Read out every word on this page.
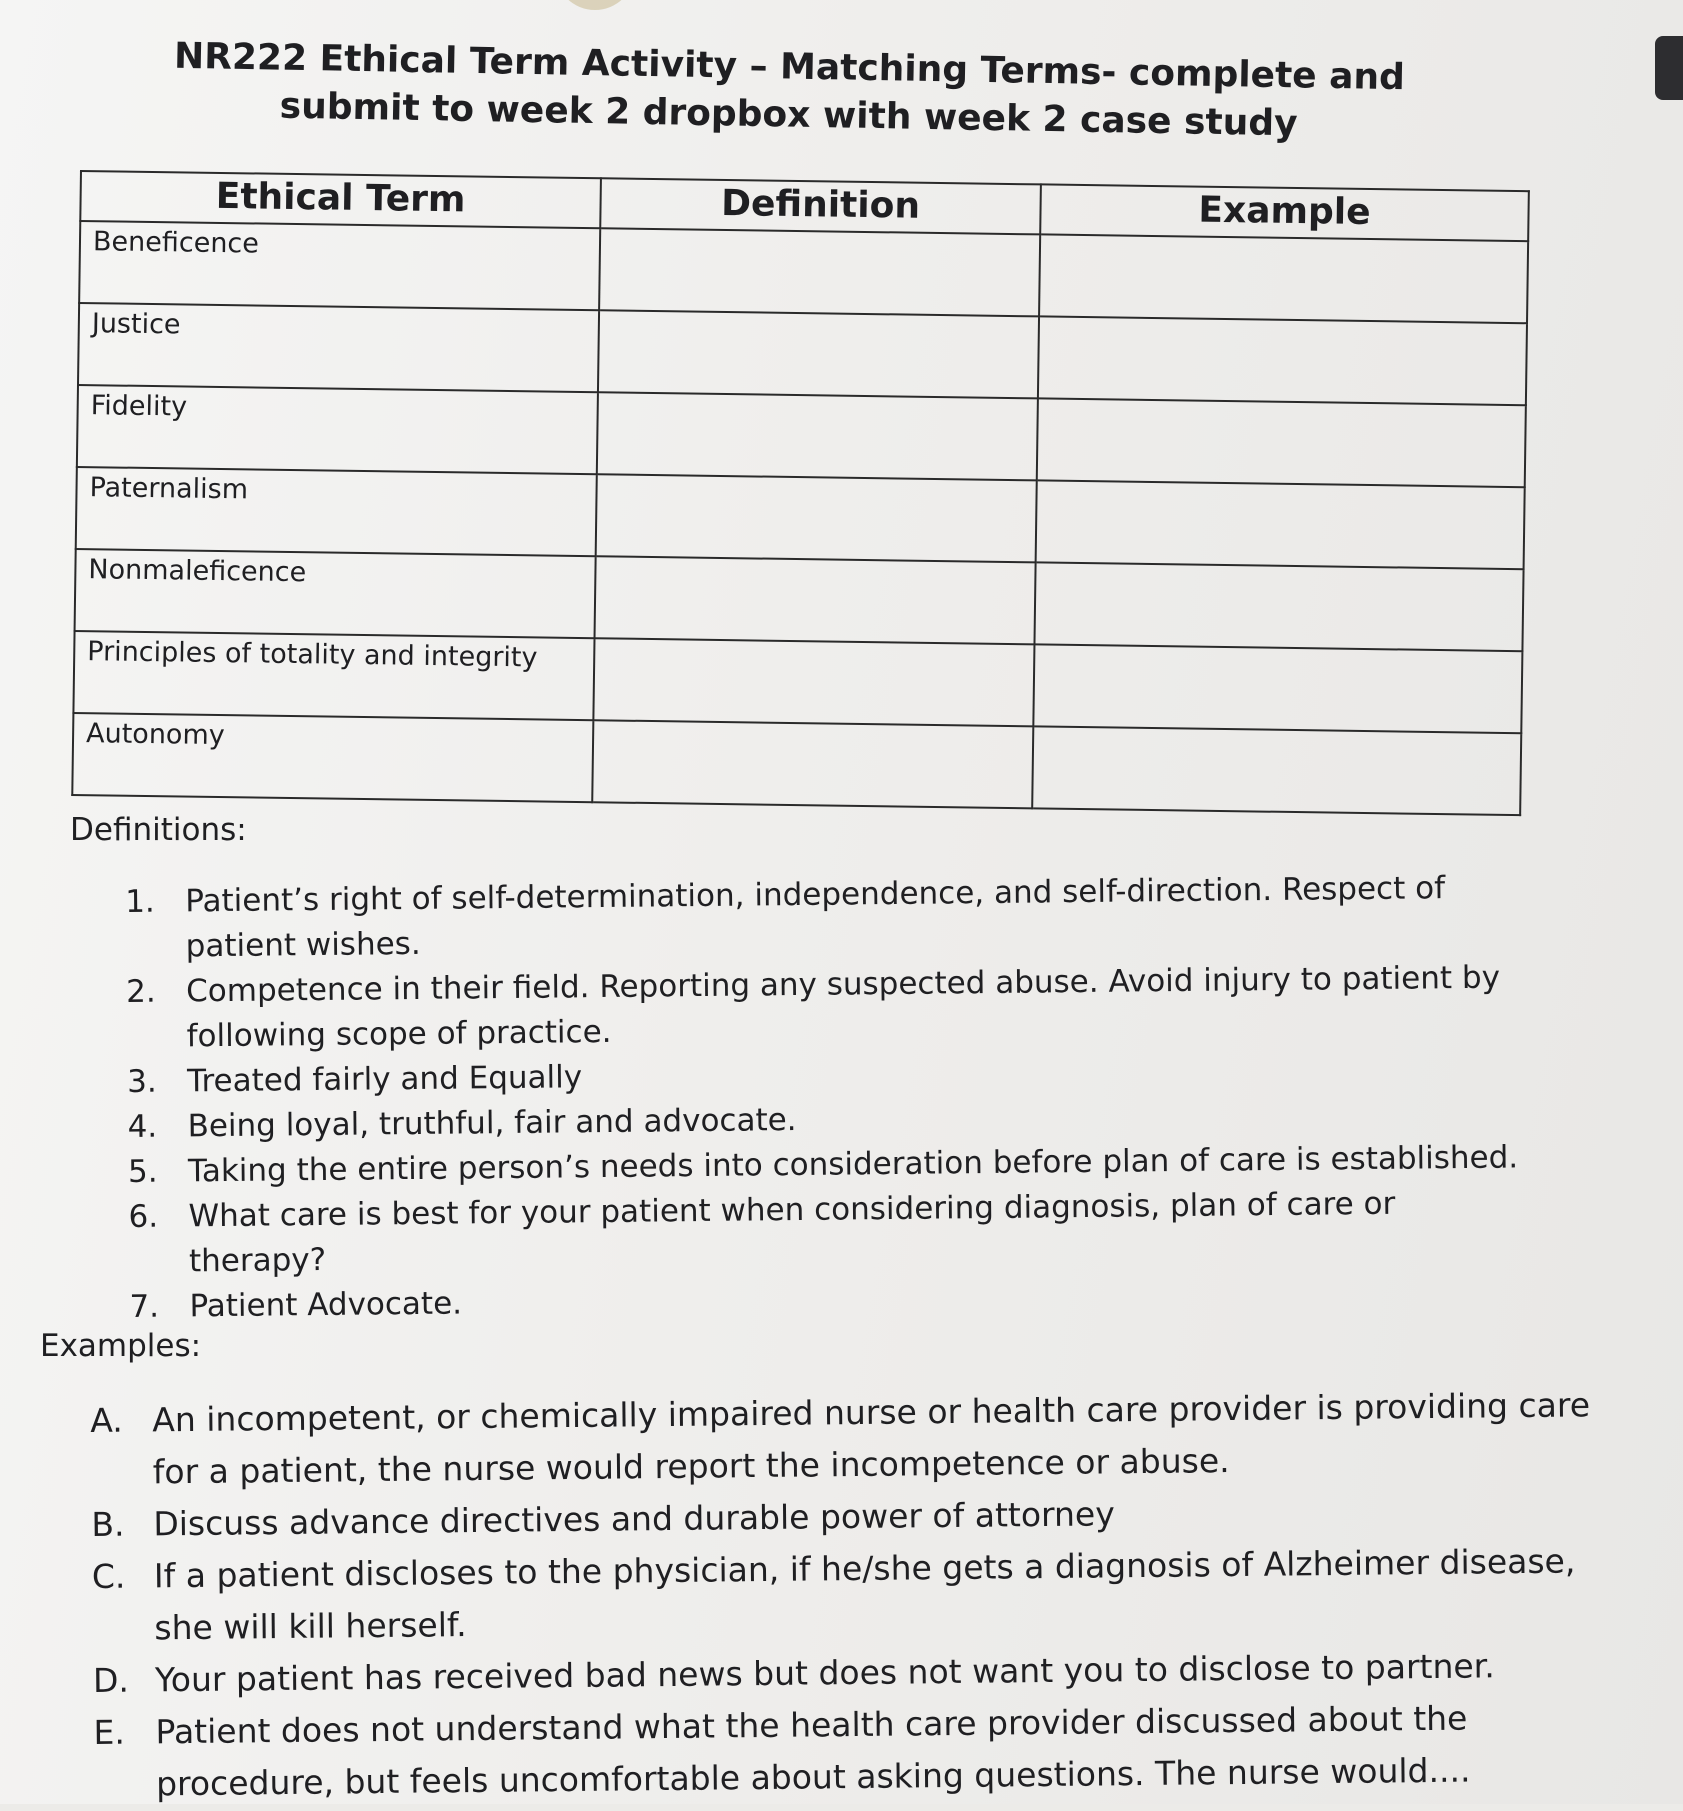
NR222 Ethical Term Activity – Matching Terms- complete and submit to week 2 dropbox with week 2 case study
Ethical Term	Definition	Example
Beneficence		
Justice		
Fidelity		
Paternalism		
Nonmaleficence		
Principles of totality and integrity		
Autonomy		
Definitions:
1. Patient’s right of self-determination, independence, and self-direction. Respect of patient wishes.
2. Competence in their field. Reporting any suspected abuse. Avoid injury to patient by following scope of practice.
3. Treated fairly and Equally
4. Being loyal, truthful, fair and advocate.
5. Taking the entire person’s needs into consideration before plan of care is established.
6. What care is best for your patient when considering diagnosis, plan of care or therapy?
7. Patient Advocate.
Examples:
A. An incompetent, or chemically impaired nurse or health care provider is providing care for a patient, the nurse would report the incompetence or abuse.
B. Discuss advance directives and durable power of attorney
C. If a patient discloses to the physician, if he/she gets a diagnosis of Alzheimer disease, she will kill herself.
D. Your patient has received bad news but does not want you to disclose to partner.
E. Patient does not understand what the health care provider discussed about the procedure, but feels uncomfortable about asking questions. The nurse would....
